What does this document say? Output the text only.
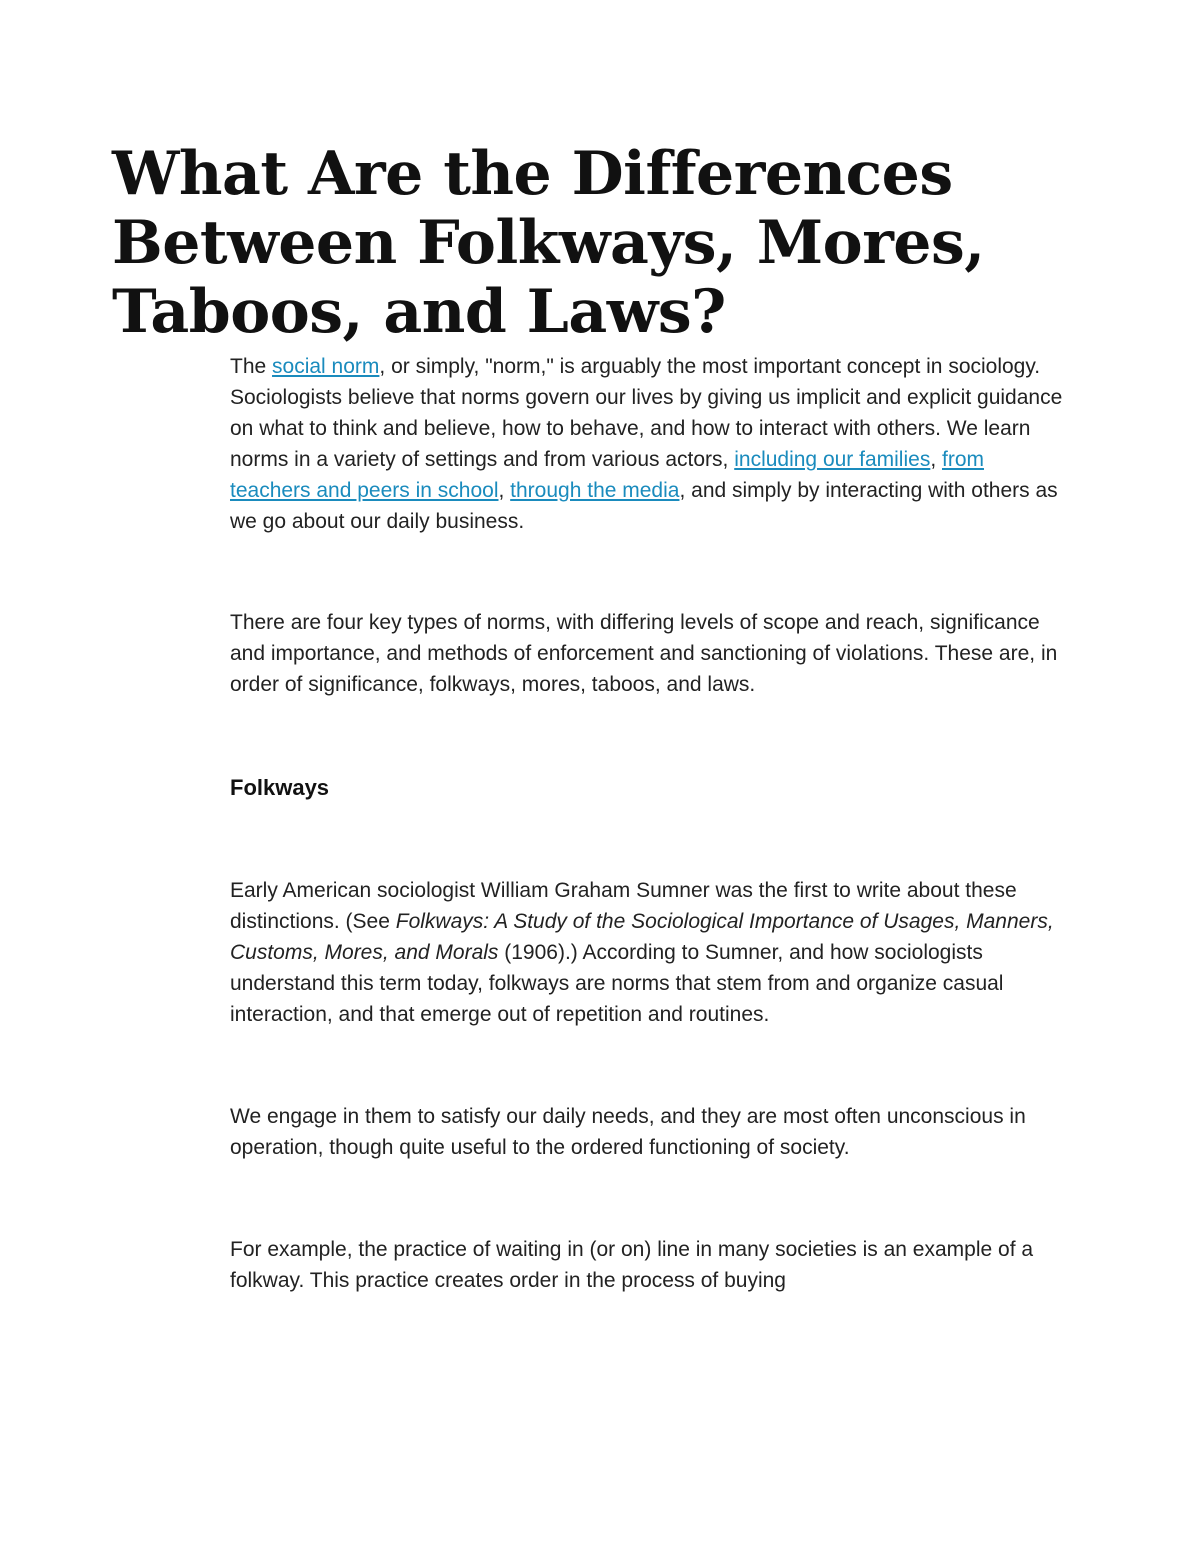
What Are the Differences Between Folkways, Mores, Taboos, and Laws?

The social norm, or simply, "norm," is arguably the most important concept in sociology. Sociologists believe that norms govern our lives by giving us implicit and explicit guidance on what to think and believe, how to behave, and how to interact with others. We learn norms in a variety of settings and from various actors, including our families, from teachers and peers in school, through the media, and simply by interacting with others as we go about our daily business.

There are four key types of norms, with differing levels of scope and reach, significance and importance, and methods of enforcement and sanctioning of violations. These are, in order of significance, folkways, mores, taboos, and laws.

Folkways

Early American sociologist William Graham Sumner was the first to write about these distinctions. (See Folkways: A Study of the Sociological Importance of Usages, Manners, Customs, Mores, and Morals (1906).) According to Sumner, and how sociologists understand this term today, folkways are norms that stem from and organize casual interaction, and that emerge out of repetition and routines.

We engage in them to satisfy our daily needs, and they are most often unconscious in operation, though quite useful to the ordered functioning of society.

For example, the practice of waiting in (or on) line in many societies is an example of a folkway. This practice creates order in the process of buying
